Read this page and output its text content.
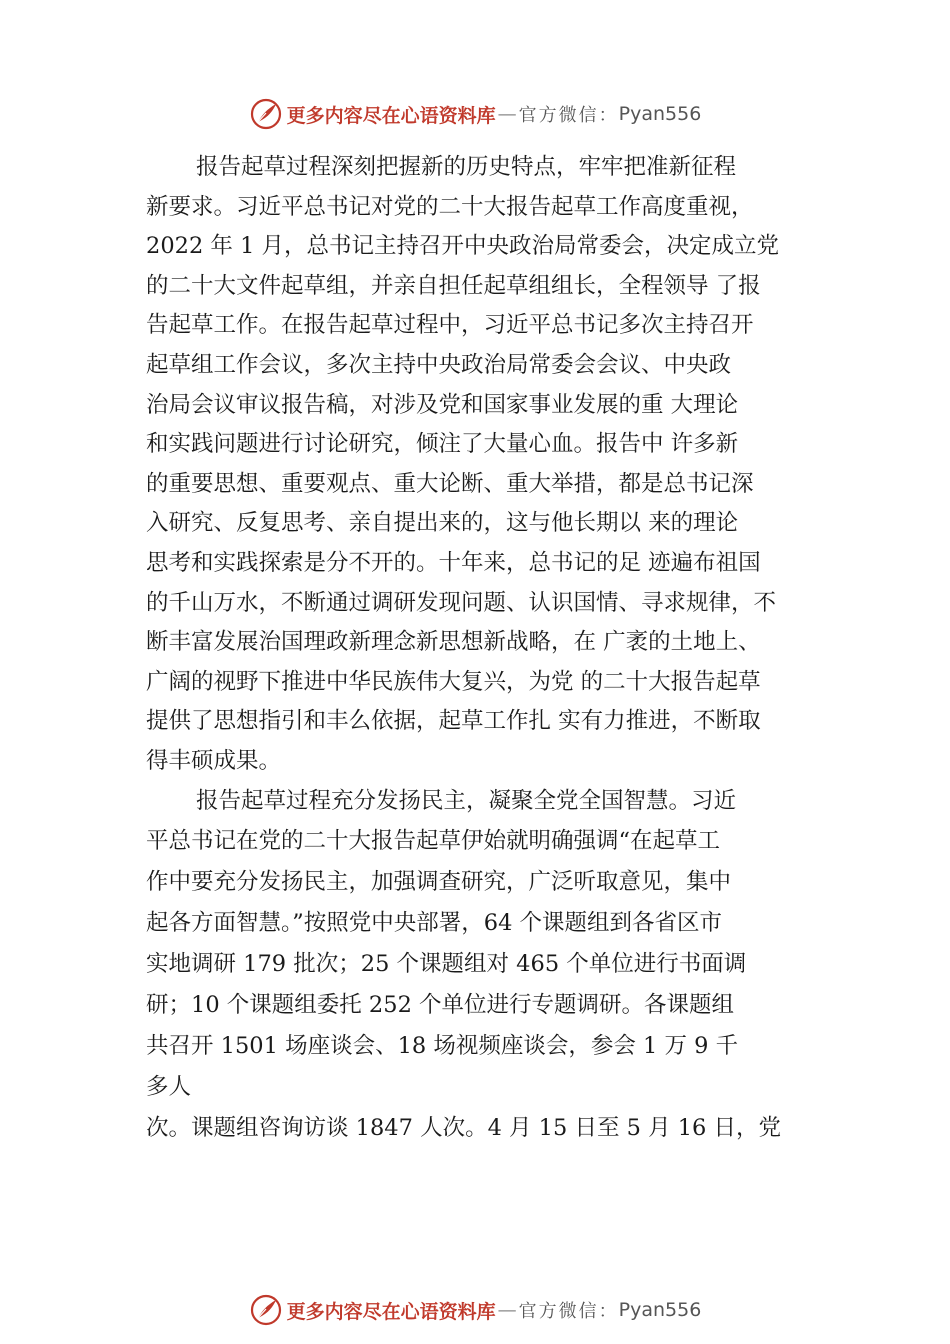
更多内容尽在心语资料库 — 官方微信： Pyan556
报告起草过程深刻把握新的历史特点，牢牢把准新征程
新要求。习近平总书记对党的二十大报告起草工作高度重视，
2022 年 1 月，总书记主持召开中央政治局常委会，决定成立党
的二十大文件起草组，并亲自担任起草组组长，全程领导 了报
告起草工作。在报告起草过程中，习近平总书记多次主持召开
起草组工作会议，多次主持中央政治局常委会会议、中央政
治局会议审议报告稿，对涉及党和国家事业发展的重 大理论
和实践问题进行讨论研究，倾注了大量心血。报告中 许多新
的重要思想、重要观点、重大论断、重大举措，都是总书记深
入研究、反复思考、亲自提出来的，这与他长期以 来的理论
思考和实践探索是分不开的。十年来，总书记的足 迹遍布祖国
的千山万水，不断通过调研发现问题、认识国情、寻求规律，不
断丰富发展治国理政新理念新思想新战略，在 广袤的土地上、
广阔的视野下推进中华民族伟大复兴，为党 的二十大报告起草
提供了思想指引和丰么依据，起草工作扎 实有力推进，不断取
得丰硕成果。
报告起草过程充分发扬民主，凝聚全党全国智慧。习近
平总书记在党的二十大报告起草伊始就明确强调“在起草工
作中要充分发扬民主，加强调查研究，广泛听取意见，集中
起各方面智慧。”按照党中央部署，64 个课题组到各省区市
实地调研 179 批次；25 个课题组对 465 个单位进行书面调
研；10 个课题组委托 252 个单位进行专题调研。各课题组
共召开 1501 场座谈会、18 场视频座谈会，参会 1 万 9 千
多人
次。课题组咨询访谈 1847 人次。4 月 15 日至 5 月 16 日，党
更多内容尽在心语资料库 — 官方微信： Pyan556
